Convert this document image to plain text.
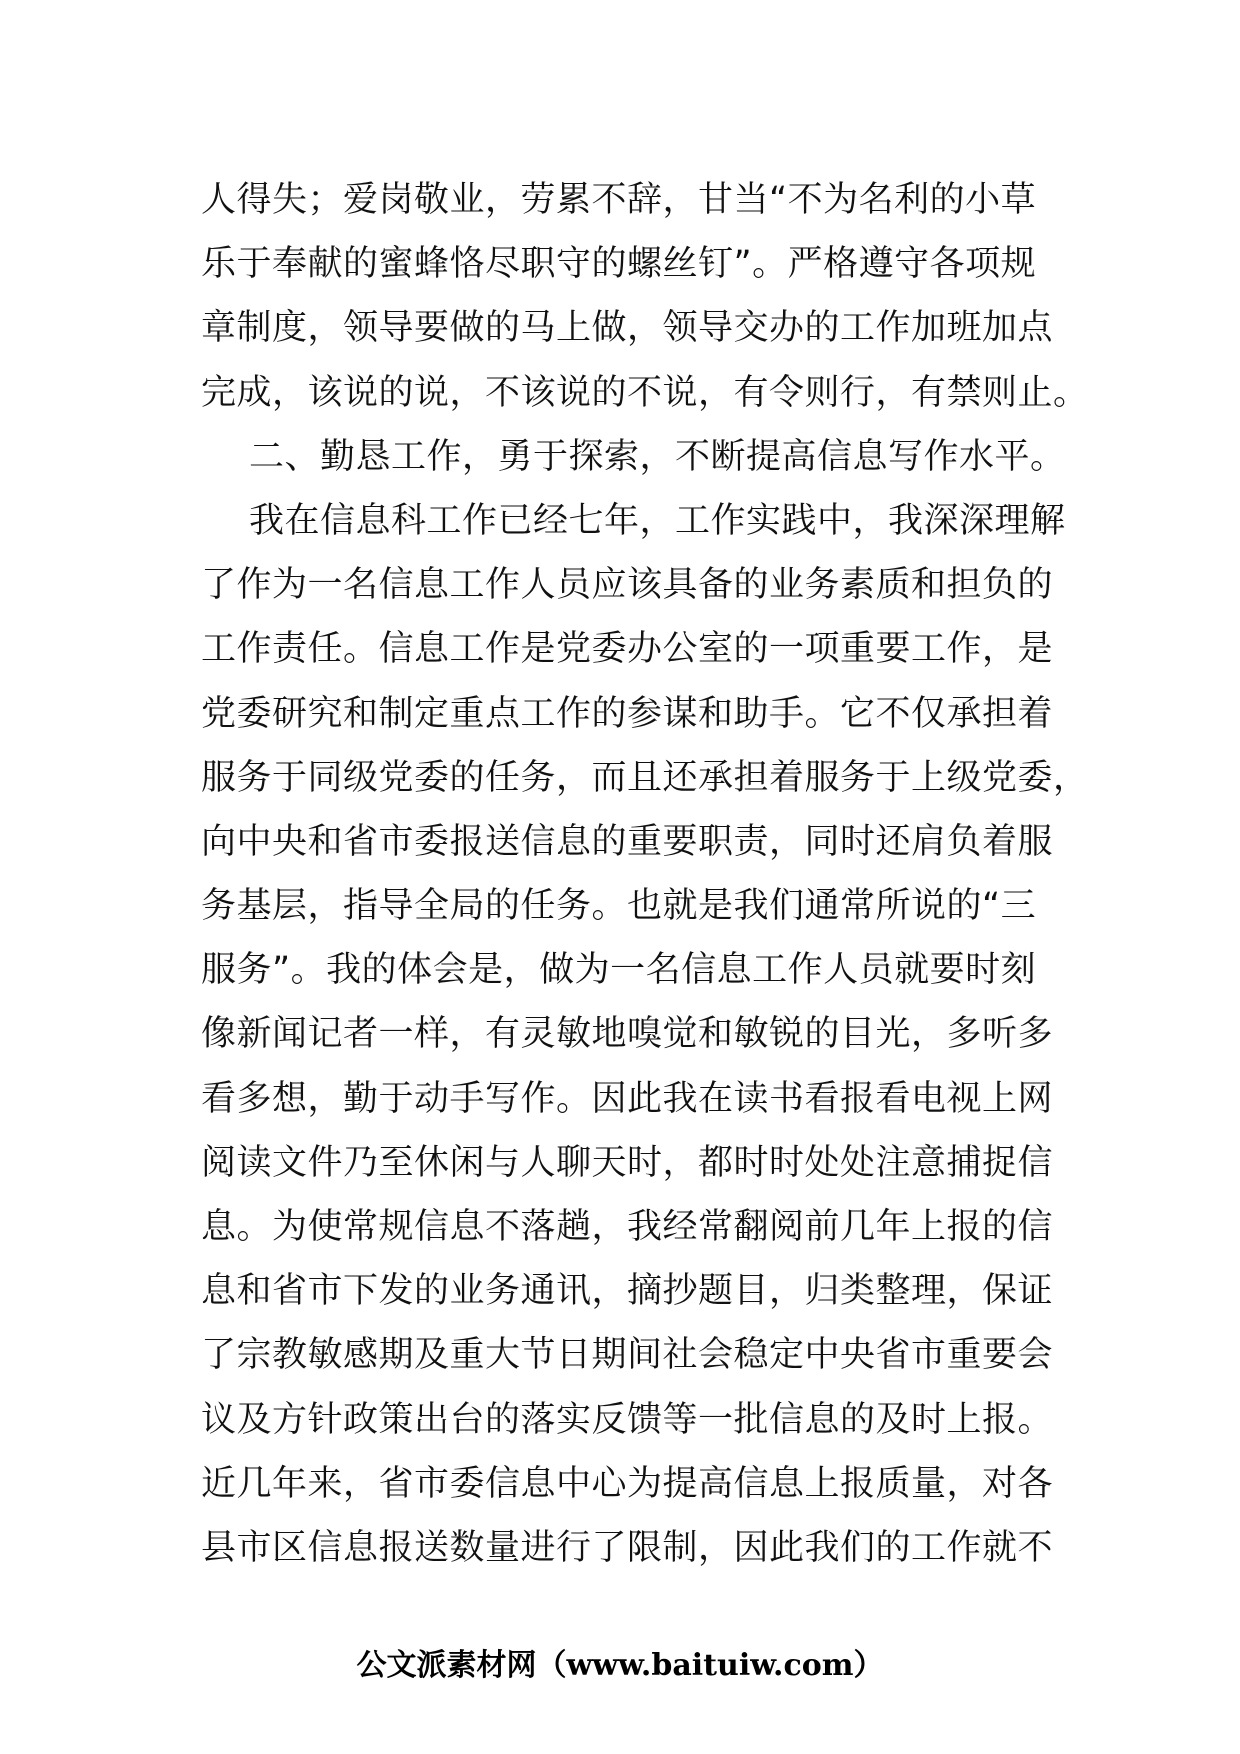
人得失；爱岗敬业，劳累不辞，甘当“不为名利的小草
乐于奉献的蜜蜂恪尽职守的螺丝钉”。严格遵守各项规
章制度，领导要做的马上做，领导交办的工作加班加点
完成，该说的说，不该说的不说，有令则行，有禁则止。
二、勤恳工作，勇于探索，不断提高信息写作水平。
我在信息科工作已经七年，工作实践中，我深深理解
了作为一名信息工作人员应该具备的业务素质和担负的
工作责任。信息工作是党委办公室的一项重要工作，是
党委研究和制定重点工作的参谋和助手。它不仅承担着
服务于同级党委的任务，而且还承担着服务于上级党委，
向中央和省市委报送信息的重要职责，同时还肩负着服
务基层，指导全局的任务。也就是我们通常所说的“三
服务”。我的体会是，做为一名信息工作人员就要时刻
像新闻记者一样，有灵敏地嗅觉和敏锐的目光，多听多
看多想，勤于动手写作。因此我在读书看报看电视上网
阅读文件乃至休闲与人聊天时，都时时处处注意捕捉信
息。为使常规信息不落趟，我经常翻阅前几年上报的信
息和省市下发的业务通讯，摘抄题目，归类整理，保证
了宗教敏感期及重大节日期间社会稳定中央省市重要会
议及方针政策出台的落实反馈等一批信息的及时上报。
近几年来，省市委信息中心为提高信息上报质量，对各
县市区信息报送数量进行了限制，因此我们的工作就不
公文派素材网（www.baituiw.com）
